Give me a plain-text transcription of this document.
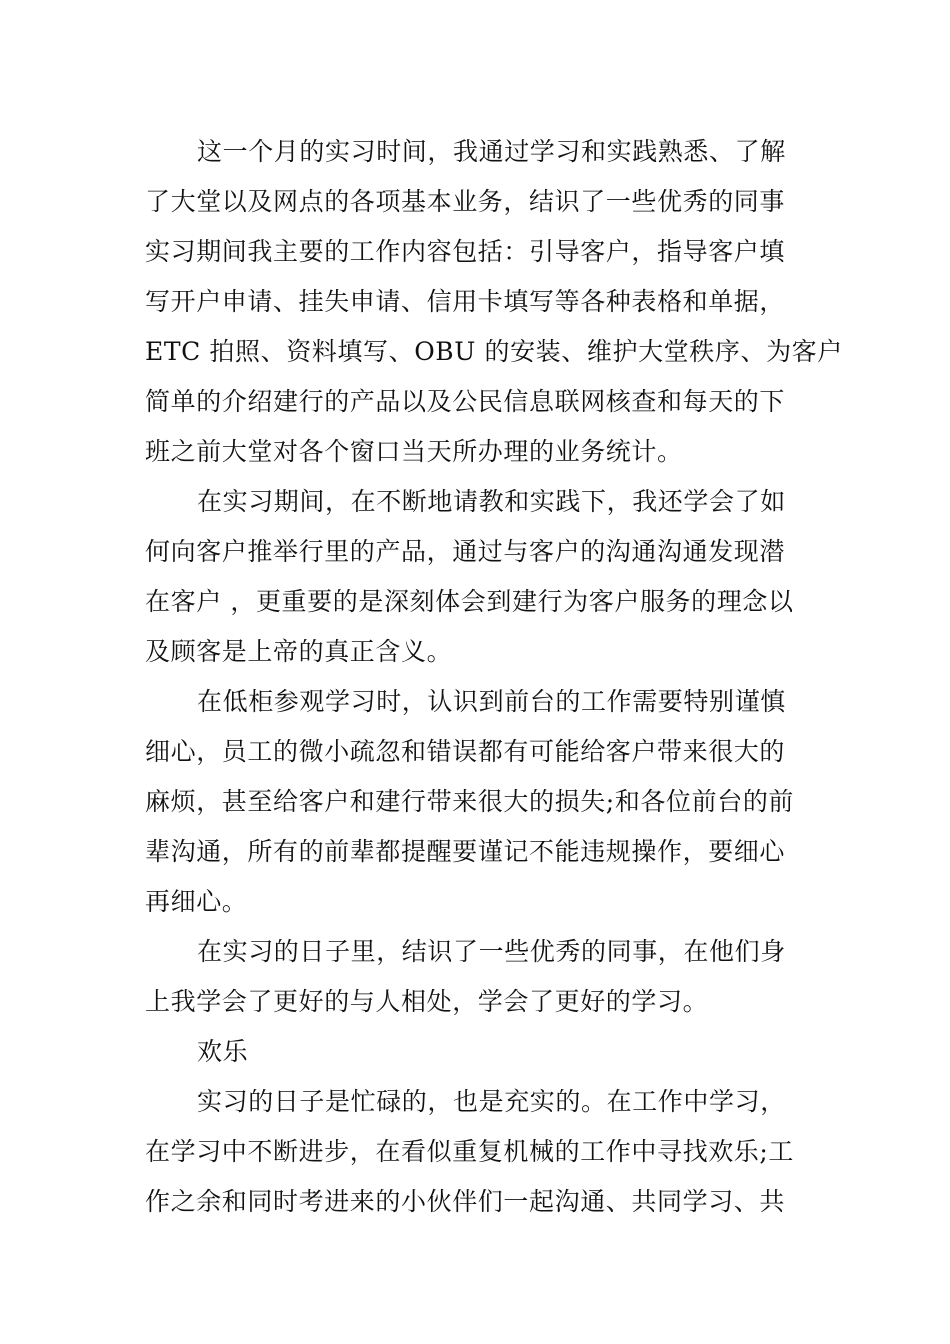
这一个月的实习时间，我通过学习和实践熟悉、了解
了大堂以及网点的各项基本业务，结识了一些优秀的同事
实习期间我主要的工作内容包括：引导客户，指导客户填
写开户申请、挂失申请、信用卡填写等各种表格和单据，
ETC 拍照、资料填写、OBU 的安装、维护大堂秩序、为客户
简单的介绍建行的产品以及公民信息联网核查和每天的下
班之前大堂对各个窗口当天所办理的业务统计。
在实习期间，在不断地请教和实践下，我还学会了如
何向客户推举行里的产品，通过与客户的沟通沟通发现潜
在客户 ，更重要的是深刻体会到建行为客户服务的理念以
及顾客是上帝的真正含义。
在低柜参观学习时，认识到前台的工作需要特别谨慎
细心，员工的微小疏忽和错误都有可能给客户带来很大的
麻烦，甚至给客户和建行带来很大的损失;和各位前台的前
辈沟通，所有的前辈都提醒要谨记不能违规操作，要细心
再细心。
在实习的日子里，结识了一些优秀的同事，在他们身
上我学会了更好的与人相处，学会了更好的学习。
欢乐
实习的日子是忙碌的，也是充实的。在工作中学习，
在学习中不断进步，在看似重复机械的工作中寻找欢乐;工
作之余和同时考进来的小伙伴们一起沟通、共同学习、共
